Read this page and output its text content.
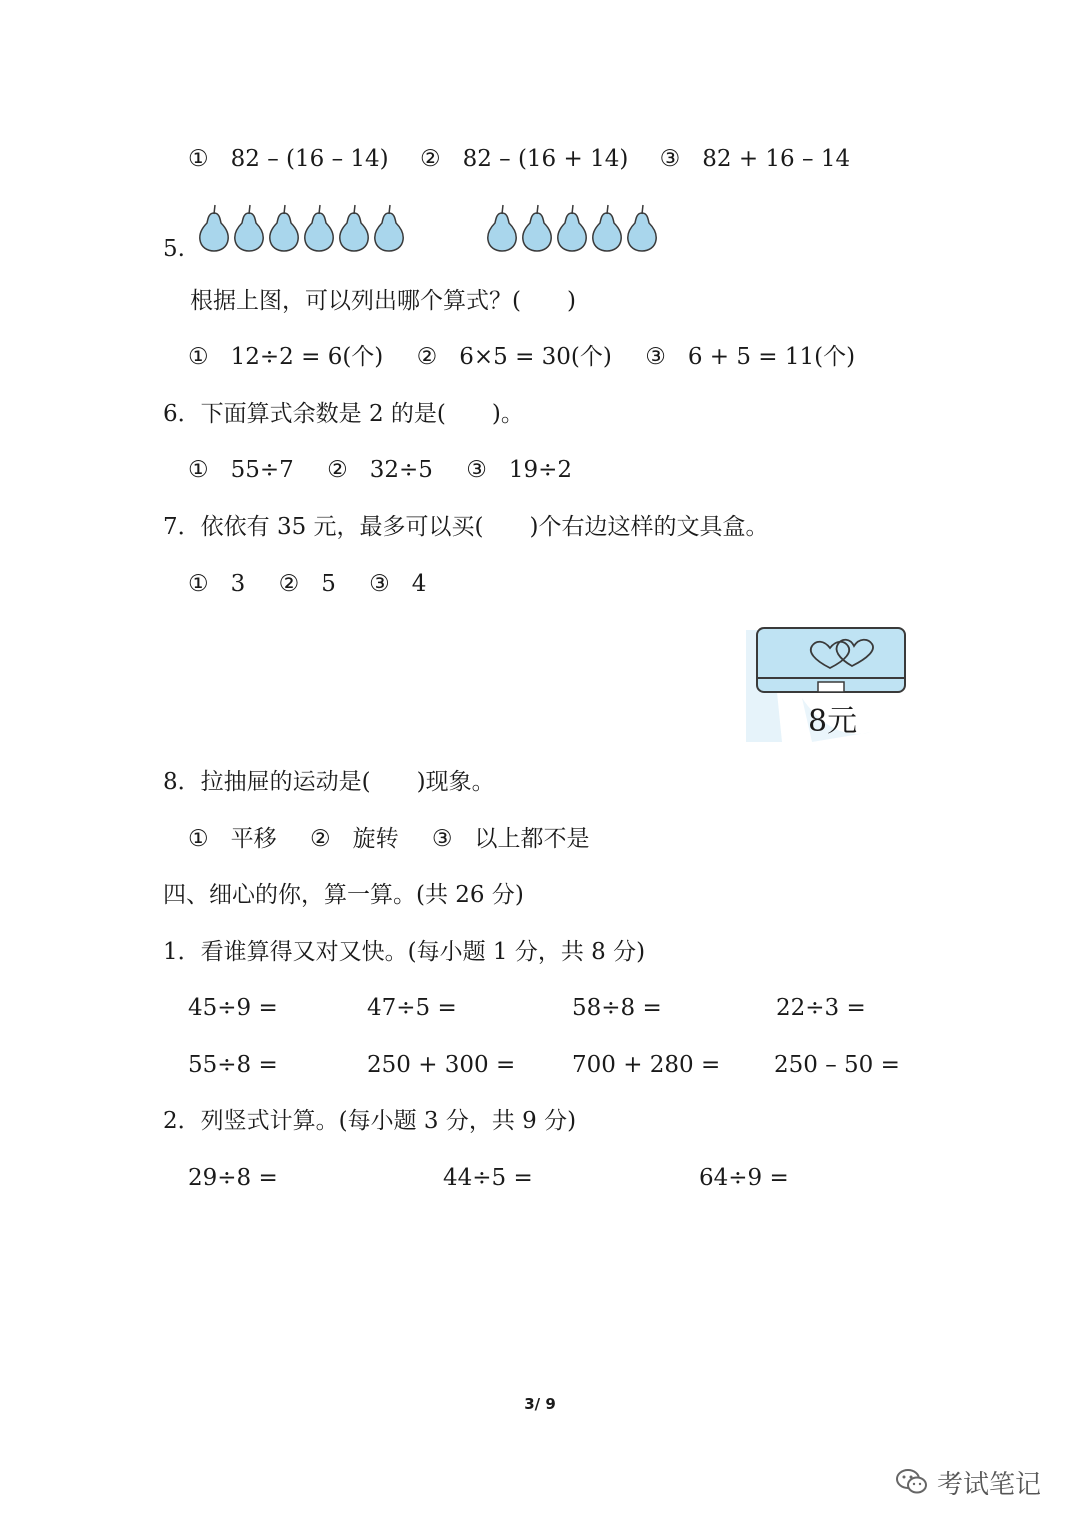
① 82 – (16 – 14) ② 82 – (16 + 14) ③ 82 + 16 – 14
5.
根据上图，可以列出哪个算式？(　　)
① 12÷2 = 6(个) ② 6×5 = 30(个) ③ 6 + 5 = 11(个)
6．下面算式余数是 2 的是(　　)。
① 55÷7 ② 32÷5 ③ 19÷2
7．依依有 35 元，最多可以买(　　)个右边这样的文具盒。
① 3 ② 5 ③ 4
8元
8．拉抽屉的运动是(　　)现象。
① 平移 ② 旋转 ③ 以上都不是
四、细心的你，算一算。(共 26 分)
1．看谁算得又对又快。(每小题 1 分，共 8 分)
45÷9 =	47÷5 =	58÷8 =	22÷3 =
55÷8 =	250 + 300 = 700 + 280 = 250 – 50 =
2．列竖式计算。(每小题 3 分，共 9 分)
29÷8 =	44÷5 =	64÷9 =
3/ 9
考试笔记
